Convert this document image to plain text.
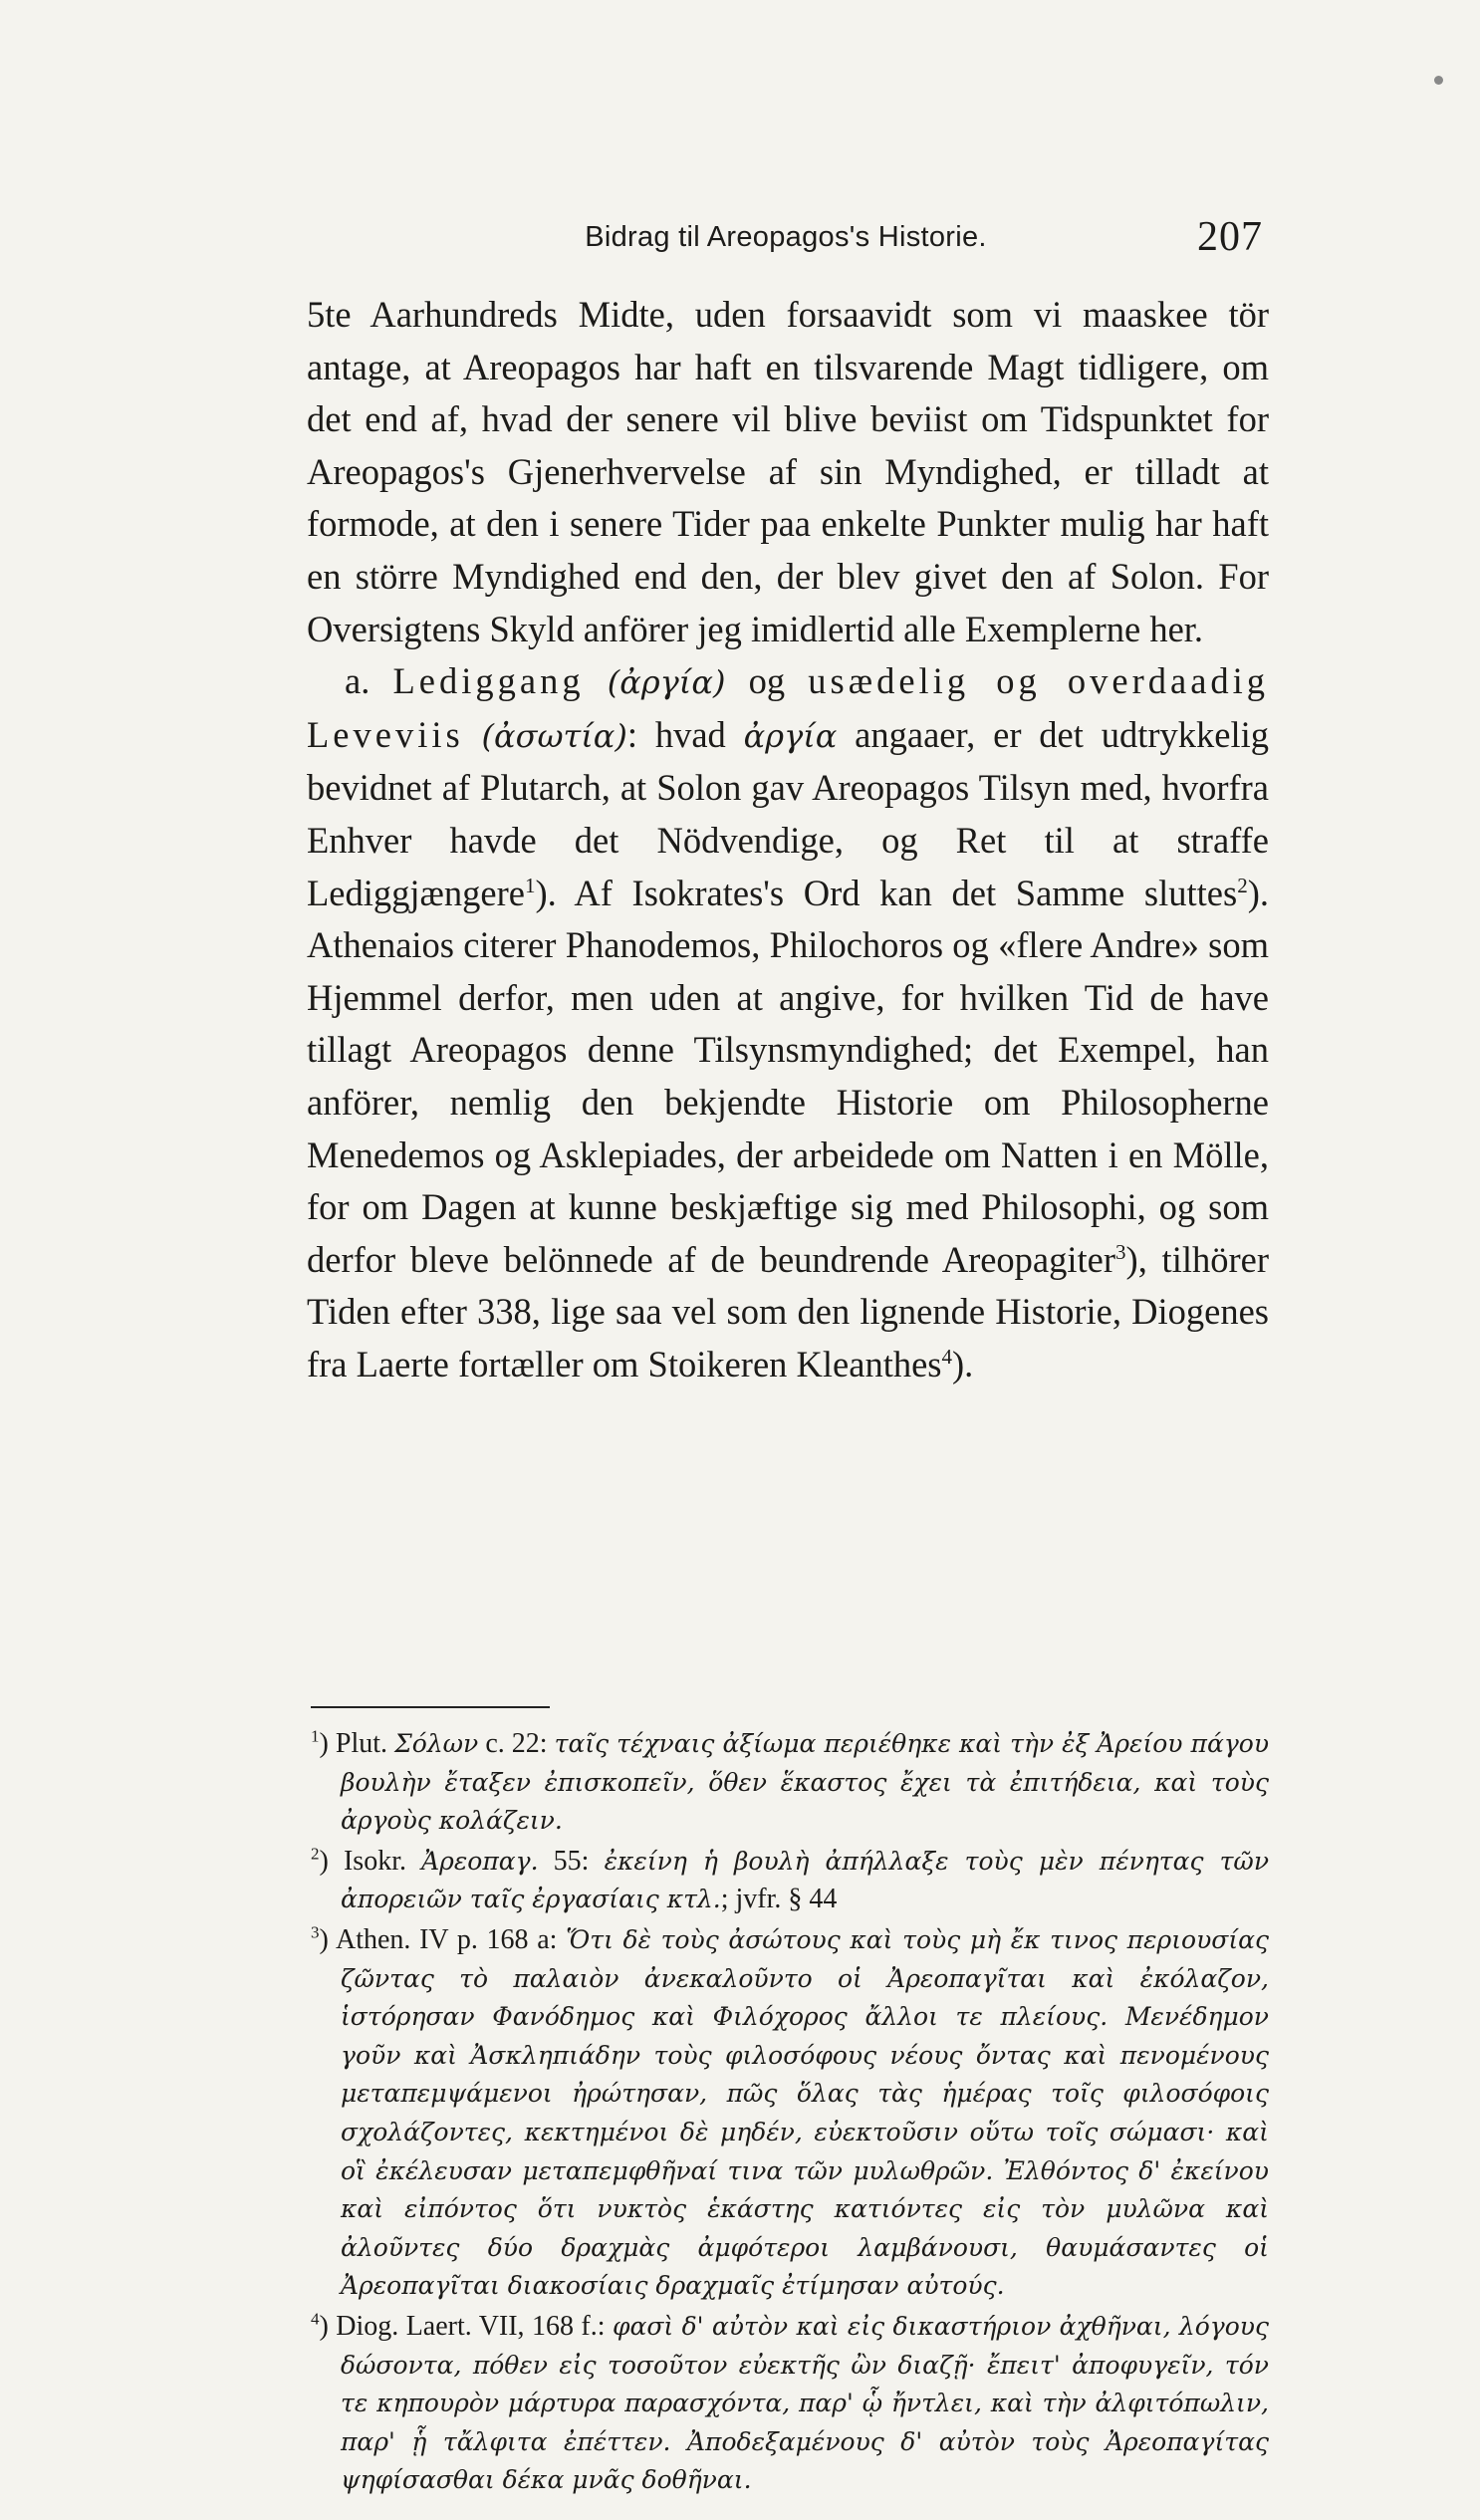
Bidrag til Areopagos's Historie.	207

5te Aarhundreds Midte, uden forsaavidt som vi maaskee tör antage, at Areopagos har haft en tilsvarende Magt tidligere, om det end af, hvad der senere vil blive beviist om Tidspunktet for Areopagos's Gjenerhvervelse af sin Myndighed, er tilladt at formode, at den i senere Tider paa enkelte Punkter mulig har haft en större Myndighed end den, der blev givet den af Solon. For Oversigtens Skyld anförer jeg imidlertid alle Exemplerne her.

a. Lediggang (ἀργία) og usædelig og overdaadig Leveviis (ἀσωτία): hvad ἀργία angaaer, er det udtrykkelig bevidnet af Plutarch, at Solon gav Areopagos Tilsyn med, hvorfra Enhver havde det Nödvendige, og Ret til at straffe Lediggjængere$^1$). Af Isokrates's Ord kan det Samme sluttes$^2$). Athenaios citerer Phanodemos, Philochoros og «flere Andre» som Hjemmel derfor, men uden at angive, for hvilken Tid de have tillagt Areopagos denne Tilsynsmyndighed; det Exempel, han anförer, nemlig den bekjendte Historie om Philosopherne Menedemos og Asklepiades, der arbeidede om Natten i en Mölle, for om Dagen at kunne beskjæftige sig med Philosophi, og som derfor bleve belönnede af de beundrende Areopagiter$^3$), tilhörer Tiden efter 338, lige saa vel som den lignende Historie, Diogenes fra Laerte fortæller om Stoikeren Kleanthes$^4$).

$^1$) Plut. Σόλων c. 22: ταῖς τέχναις ἀξίωμα περιέθηκε καὶ τὴν ἐξ Ἀρείου πάγου βουλὴν ἔταξεν ἐπισκοπεῖν, ὅθεν ἕκαστος ἔχει τὰ ἐπιτήδεια, καὶ τοὺς ἀργοὺς κολάζειν.

$^2$) Isokr. Ἀρεοπαγ. 55: ἐκείνη ἡ βουλὴ ἀπήλλαξε τοὺς μὲν πένητας τῶν ἀπορειῶν ταῖς ἐργασίαις κτλ.; jvfr. § 44

$^3$) Athen. IV p. 168 a: Ὅτι δὲ τοὺς ἀσώτους καὶ τοὺς μὴ ἔκ τινος περιουσίας ζῶντας τὸ παλαιὸν ἀνεκαλοῦντο οἱ Ἀρεοπαγῖται καὶ ἐκόλαζον, ἱστόρησαν Φανόδημος καὶ Φιλόχορος ἄλλοι τε πλείους. Μενέδημον γοῦν καὶ Ἀσκληπιάδην τοὺς φιλοσόφους νέους ὄντας καὶ πενομένους μεταπεμψάμενοι ἠρώτησαν, πῶς ὅλας τὰς ἡμέρας τοῖς φιλοσόφοις σχολάζοντες, κεκτημένοι δὲ μηδέν, εὐεκτοῦσιν οὕτω τοῖς σώμασι· καὶ οἳ ἐκέλευσαν μεταπεμφθῆναί τινα τῶν μυλωθρῶν. Ἐλθόντος δ' ἐκείνου καὶ εἰπόντος ὅτι νυκτὸς ἑκάστης κατιόντες εἰς τὸν μυλῶνα καὶ ἀλοῦντες δύο δραχμὰς ἀμφότεροι λαμβάνουσι, θαυμάσαντες οἱ Ἀρεοπαγῖται διακοσίαις δραχμαῖς ἐτίμησαν αὐτούς.

$^4$) Diog. Laert. VII, 168 f.: φασὶ δ' αὐτὸν καὶ εἰς δικαστήριον ἀχθῆναι, λόγους δώσοντα, πόθεν εἰς τοσοῦτον εὐεκτῆς ὢν διαζῇ· ἔπειτ' ἀποφυγεῖν, τόν τε κηπουρὸν μάρτυρα παρασχόντα, παρ' ᾧ ἤντλει, καὶ τὴν ἀλφιτόπωλιν, παρ' ᾗ τἄλφιτα ἐπέττεν. Ἀποδεξαμένους δ' αὐτὸν τοὺς Ἀρεοπαγίτας ψηφίσασθαι δέκα μνᾶς δοθῆναι.
